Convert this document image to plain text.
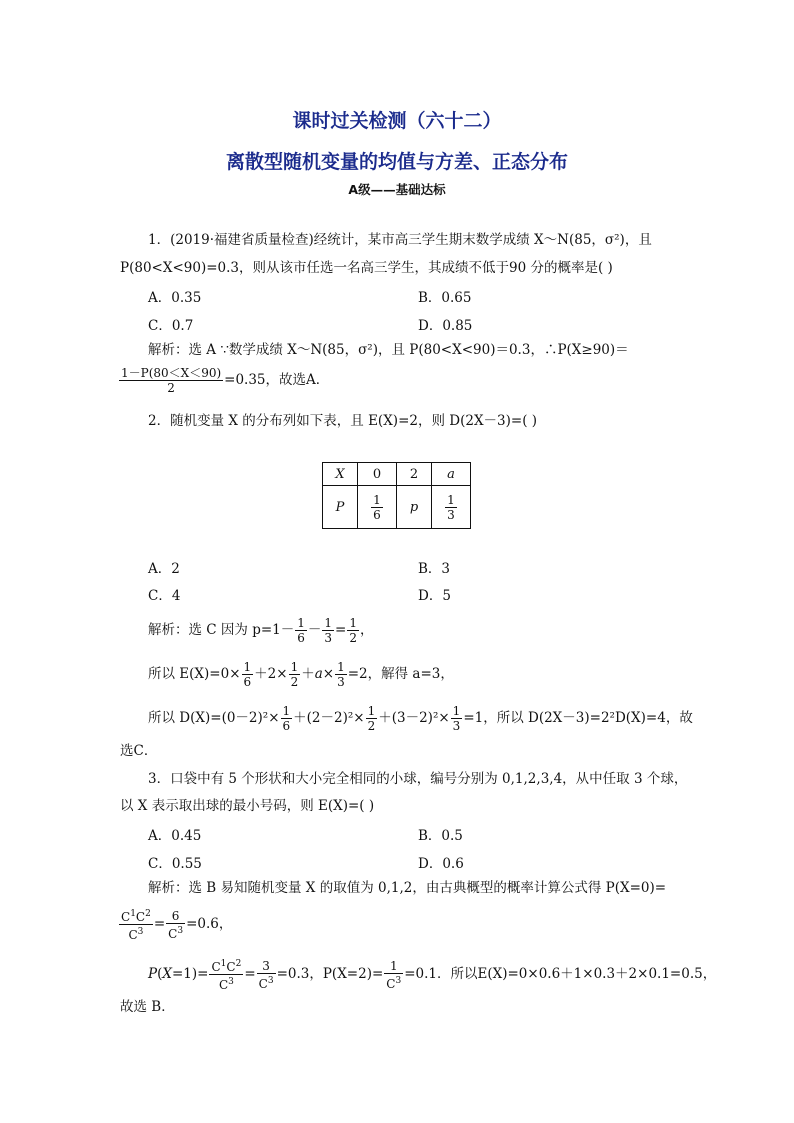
课时过关检测（六十二）
离散型随机变量的均值与方差、正态分布
A级——基础达标
1．(2019·福建省质量检查)经统计，某市高三学生期末数学成绩 X～N(85，σ²)，且
P(80<X<90)=0.3，则从该市任选一名高三学生，其成绩不低于90 分的概率是( )
A．0.35	B．0.65
C．0.7	D．0.85
解析：选 A ∵数学成绩 X～N(85，σ²)，且 P(80<X<90)＝0.3，∴P(X≥90)＝
$\frac{1-P(80<X<90)}{2} =0.35$，故选A．
2．随机变量 X 的分布列如下表，且 E(X)=2，则 D(2X－3)=( )
X	0	2	a
P	$\frac{1}{6}$	p	$\frac{1}{3}$
A．2	B．3
C．4	D．5
解析：选 C 因为 $p=1- \frac{1}{6} - \frac{1}{3} = \frac{1}{2}$ ，
所以 $E(X)=0\times \frac{1}{6} +2\times \frac{1}{2} +a\times \frac{1}{3} =2$，解得 a=3，
所以 $D(X)=(0-2)^2\times \frac{1}{6} +(2-2)^2\times \frac{1}{2} +(3-2)^2\times \frac{1}{3} =1$，所以 D(2X－3)=2²D(X)=4，故
选C．
3．口袋中有 5 个形状和大小完全相同的小球，编号分别为 0,1,2,3,4，从中任取 3 个球，
以 X 表示取出球的最小号码，则 E(X)=( )
A．0.45	B．0.5
C．0.55	D．0.6
解析：选 B 易知随机变量 X 的取值为 0,1,2，由古典概型的概率计算公式得 P(X=0)=
$\frac{C^1C^2}{C^3} = \frac{6}{C^3} =0.6$，
$P(X=1)= \frac{C^1C^2}{C^3} = \frac{3}{C^3} =0.3$，$P(X=2)= \frac{1}{C^3} =0.1$．所以E(X)=0×0.6＋1×0.3＋2×0.1=0.5，
故选 B．
